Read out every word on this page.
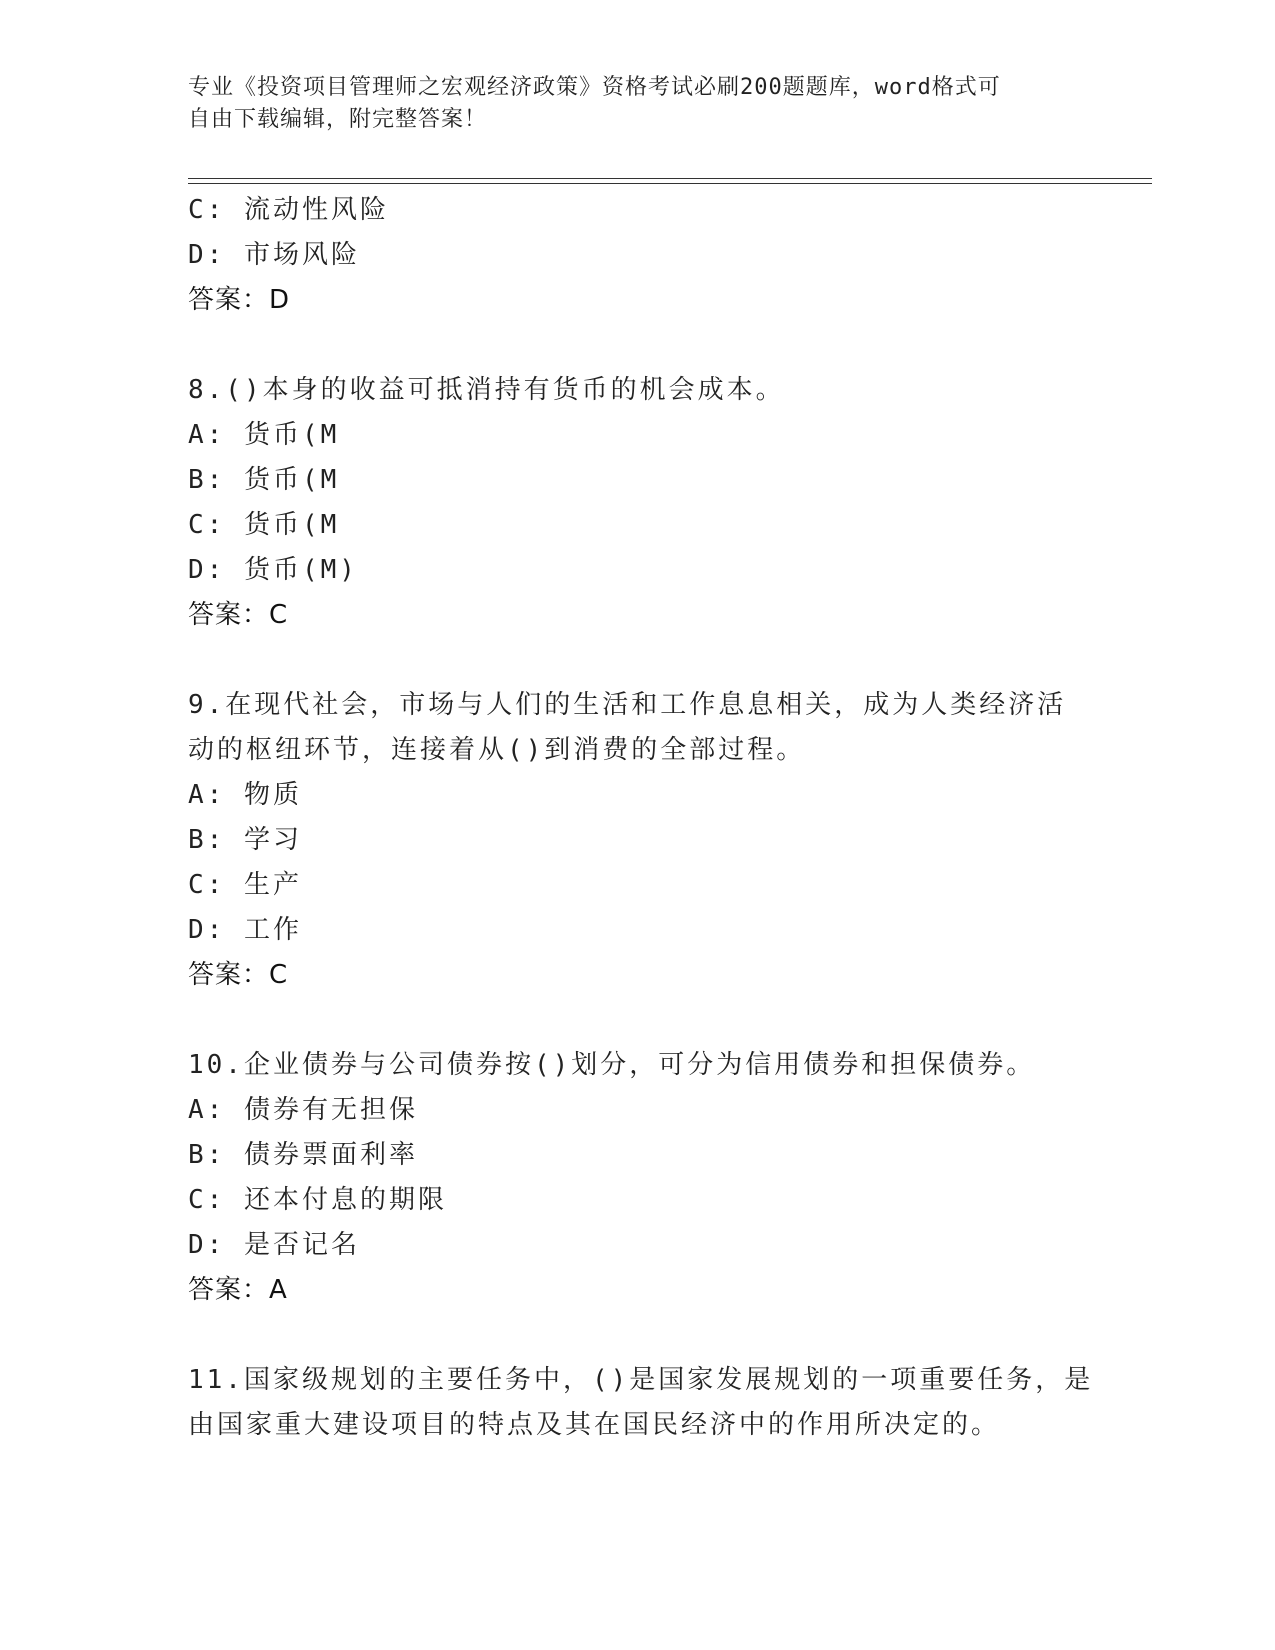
专业《投资项目管理师之宏观经济政策》资格考试必刷200题题库，word格式可
自由下载编辑，附完整答案！
C: 流动性风险
D: 市场风险
答案：D
8.()本身的收益可抵消持有货币的机会成本。
A: 货币(M
B: 货币(M
C: 货币(M
D: 货币(M)
答案：C
9.在现代社会，市场与人们的生活和工作息息相关，成为人类经济活
动的枢纽环节，连接着从()到消费的全部过程。
A: 物质
B: 学习
C: 生产
D: 工作
答案：C
10.企业债券与公司债券按()划分，可分为信用债券和担保债券。
A: 债券有无担保
B: 债券票面利率
C: 还本付息的期限
D: 是否记名
答案：A
11.国家级规划的主要任务中，()是国家发展规划的一项重要任务，是
由国家重大建设项目的特点及其在国民经济中的作用所决定的。
